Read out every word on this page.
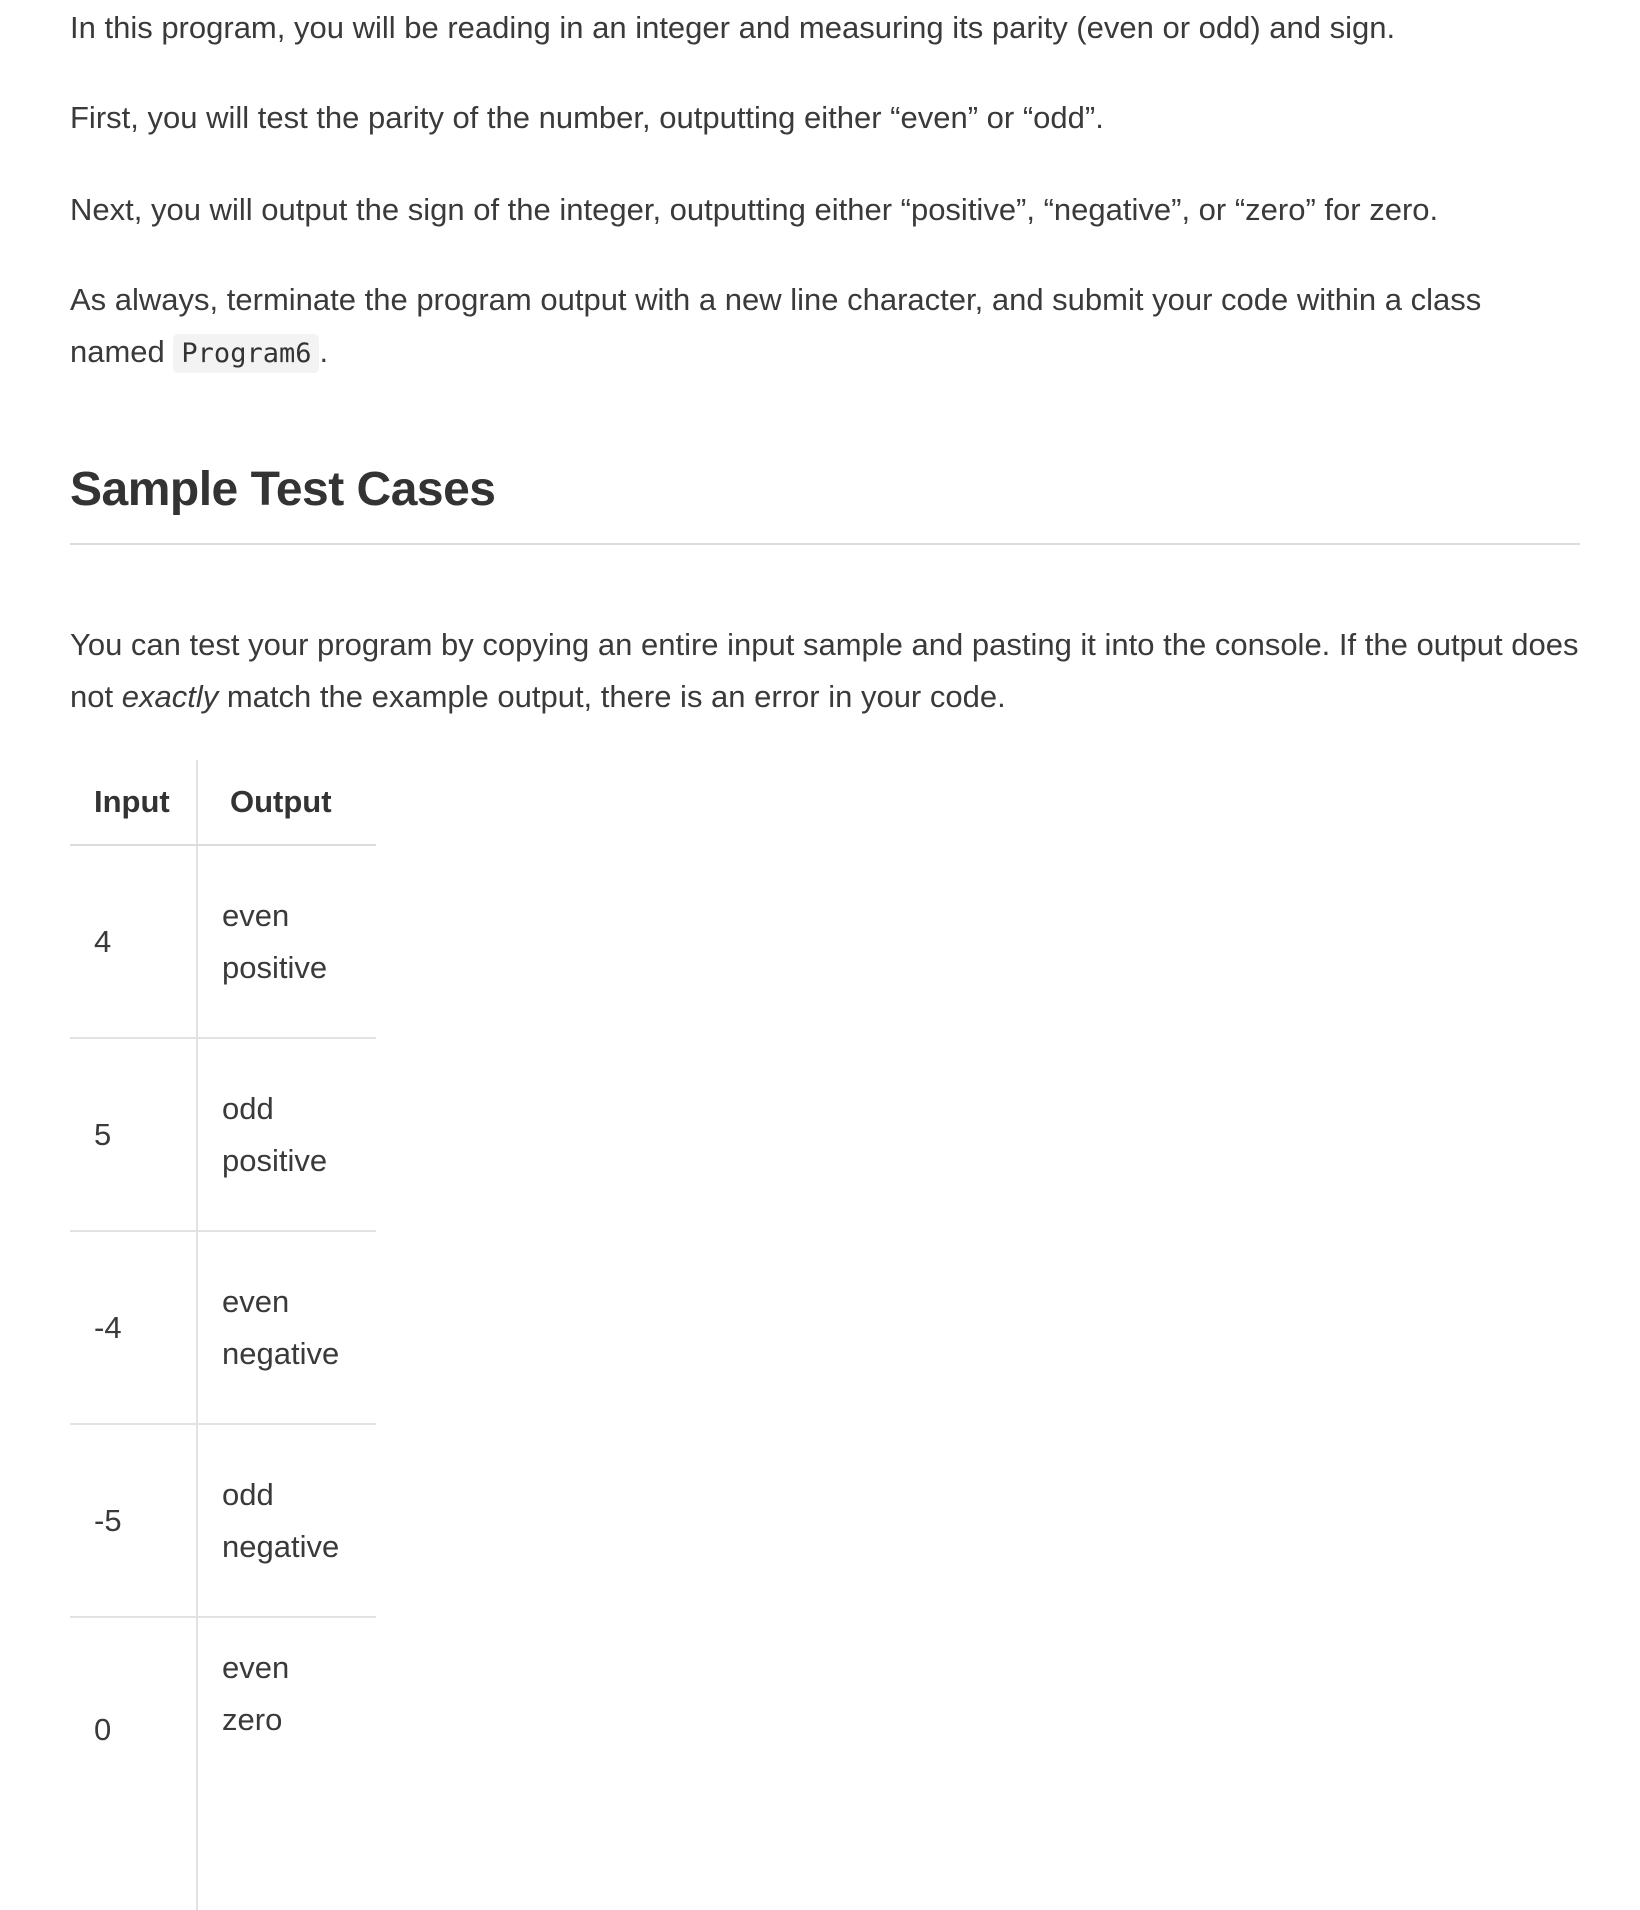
In this program, you will be reading in an integer and measuring its parity (even or odd) and sign.

First, you will test the parity of the number, outputting either “even” or “odd”.

Next, you will output the sign of the integer, outputting either “positive”, “negative”, or “zero” for zero.

As always, terminate the program output with a new line character, and submit your code within a class named Program6 .

Sample Test Cases

You can test your program by copying an entire input sample and pasting it into the console. If the output does not exactly match the example output, there is an error in your code.

Input	Output
4	even
positive

5	odd
positive

-4	even
negative

-5	odd
negative

0	even
zero
